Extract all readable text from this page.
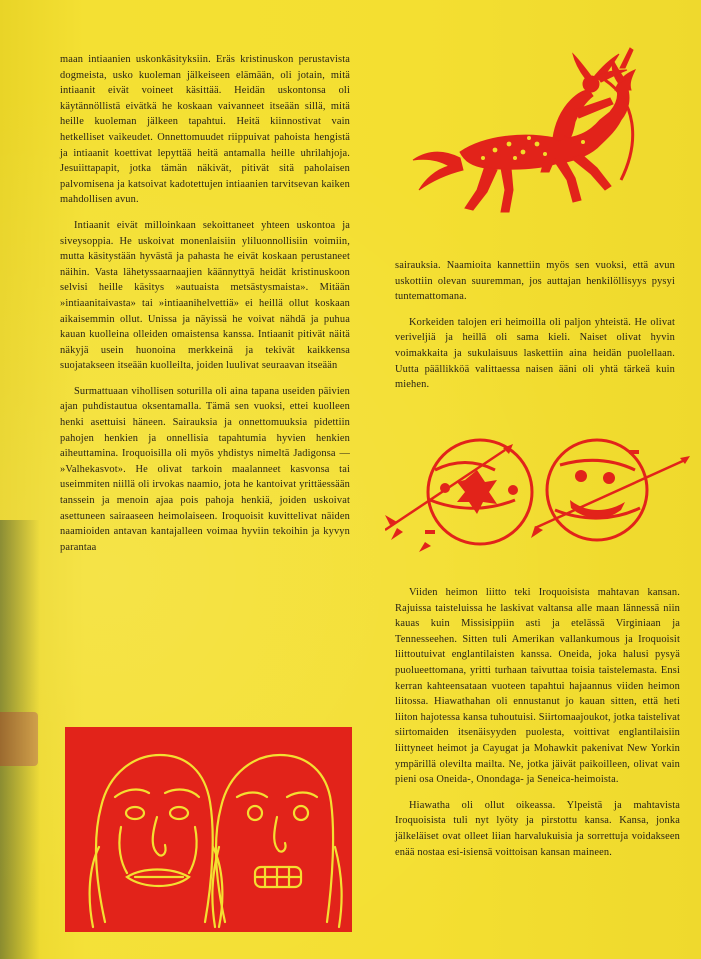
maan intiaanien uskonkäsityksiin. Eräs kristinuskon perustavista dogmeista, usko kuoleman jälkeiseen elämään, oli jotain, mitä intiaanit eivät voineet käsittää. Heidän uskontonsa oli käytännöllistä eivätkä he koskaan vaivanneet itseään sillä, mitä heille kuoleman jälkeen tapahtui. Heitä kiinnostivat vain hetkelliset vaikeudet. Onnettomuudet riippuivat pahoista hengistä ja intiaanit koettivat lepyttää heitä antamalla heille uhrilahjoja. Jesuiittapapit, jotka tämän näkivät, pitivät sitä paholaisen palvomisena ja katsoivat kadotettujen intiaanien tarvitsevan kaiken mahdollisen avun.

Intiaanit eivät milloinkaan sekoittaneet yhteen uskontoa ja siveysoppia. He uskoivat monenlaisiin yliluonnollisiin voimiin, mutta käsitystään hyvästä ja pahasta he eivät koskaan perustaneet näihin. Vasta lähetyssaarnaajien käännyttyä heidät kristinuskoon selvisi heille käsitys »autuaista metsästysmaista». Mitään »intiaanitaivasta» tai »intiaanihelvettiä» ei heillä ollut koskaan aikaisemmin ollut. Unissa ja näyissä he voivat nähdä ja puhua kauan kuolleina olleiden omaistensa kanssa. Intiaanit pitivät näitä näkyjä usein huonoina merkkeinä ja tekivät kaikkensa suojatakseen itseään kuolleilta, joiden luulivat seuraavan itseään

Surmattuaan vihollisen soturilla oli aina tapana useiden päivien ajan puhdistautua oksentamalla. Tämä sen vuoksi, ettei kuolleen henki asettuisi häneen. Sairauksia ja onnettomuuksia pidettiin pahojen henkien ja onnellisia tapahtumia hyvien henkien aiheuttamina. Iroquoisilla oli myös yhdistys nimeltä Jadigonsa — »Valhekasvot». He olivat tarkoin maalanneet kasvonsa tai useimmiten niillä oli irvokas naamio, jota he kantoivat yrittäessään tanssein ja menoin ajaa pois pahoja henkiä, joiden uskoivat asettuneen sairaaseen heimolaiseen. Iroquoisit kuvittelivat näiden naamioiden antavan kantajalleen voimaa hyviin tekoihin ja kyvyn parantaa

sairauksia. Naamioita kannettiin myös sen vuoksi, että avun uskottiin olevan suuremman, jos auttajan henkilöllisyys pysyi tuntemattomana.

Korkeiden talojen eri heimoilla oli paljon yhteistä. He olivat veriveljiä ja heillä oli sama kieli. Naiset olivat hyvin voimakkaita ja sukulaisuus laskettiin aina heidän puolellaan. Uutta päällikköä valittaessa naisen ääni oli yhtä tärkeä kuin miehen.

Viiden heimon liitto teki Iroquoisista mahtavan kansan. Rajuissa taisteluissa he laskivat valtansa alle maan lännessä niin kauas kuin Missisippiin asti ja etelässä Virginiaan ja Tennesseehen. Sitten tuli Amerikan vallankumous ja Iroquoisit liittoutuivat englantilaisten kanssa. Oneida, joka halusi pysyä puolueettomana, yritti turhaan taivuttaa toisia taistelemasta. Ensi kerran kahteensataan vuoteen tapahtui hajaannus viiden heimon liitossa. Hiawathahan oli ennustanut jo kauan sitten, että heti liiton hajotessa kansa tuhoutuisi. Siirtomaajoukot, jotka taistelivat siirtomaiden itsenäisyyden puolesta, voittivat englantilaisiin liittyneet heimot ja Cayugat ja Mohawkit pakenivat New Yorkin ympärillä olevilta mailta. Ne, jotka jäivät paikoilleen, olivat vain pieni osa Oneida-, Onondaga- ja Seneica-heimoista.

Hiawatha oli ollut oikeassa. Ylpeistä ja mahtavista Iroquoisista tuli nyt lyöty ja pirstottu kansa. Kansa, jonka jälkeläiset ovat olleet liian harvalukuisia ja sorrettuja voidakseen enää nostaa esi-isiensä voittoisan kansan maineen.
